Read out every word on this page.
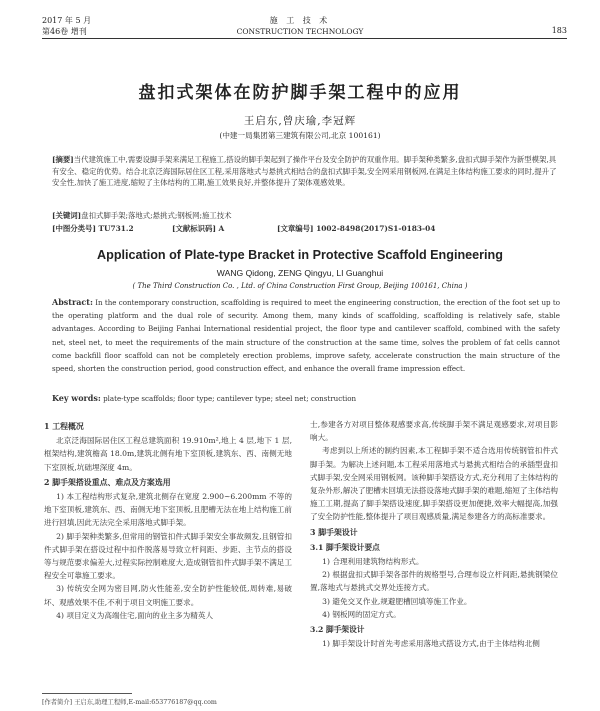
2017 年 5 月
第46卷 增刊
施 工 技 术
CONSTRUCTION TECHNOLOGY	183
盘扣式架体在防护脚手架工程中的应用
王启东,曾庆瑜,李冠辉
(中建一局集团第三建筑有限公司,北京 100161)
[摘要]当代建筑施工中,需要设脚手架来满足工程施工,搭设的脚手架起到了操作平台及安全防护的双重作用。脚手架种类繁多,盘扣式脚手架作为新型模架,具有安全、稳定的优势。结合北京泛海国际居住区工程,采用落地式与悬挑式相结合的盘扣式脚手架,安全网采用钢板网,在满足主体结构施工要求的同时,提升了安全性,加快了施工进度,缩短了主体结构的工期,施工效果良好,并整体提升了架体观感效果。
[关键词]盘扣式脚手架;落地式;悬挑式;钢板网;施工技术
[中图分类号] TU731.2	[文献标识码] A	[文章编号] 1002-8498(2017)S1-0183-04
Application of Plate-type Bracket in Protective Scaffold Engineering
WANG Qidong, ZENG Qingyu, LI Guanghui
( The Third Construction Co. , Ltd. of China Construction First Group, Beijing 100161, China )
Abstract: In the contemporary construction, scaffolding is required to meet the engineering construction, the erection of the foot set up to the operating platform and the dual role of security. Among them, many kinds of scaffolding, scaffolding is relatively safe, stable advantages. According to Beijing Fanhai International residential project, the floor type and cantilever scaffold, combined with the safety net, steel net, to meet the requirements of the main structure of the construction at the same time, solves the problem of fat cells cannot come backfill floor scaffold can not be completely erection problems, improve safety, accelerate construction the main structure of the speed, shorten the construction period, good construction effect, and enhance the overall frame impression effect.
Key words: plate-type scaffolds; floor type; cantilever type; steel net; construction
1 工程概况

北京泛海国际居住区工程总建筑面积 19.910m²,地上 4 层,地下 1 层,框架结构,建筑檐高 18.0m,建筑北侧有地下室顶板,建筑东、西、南侧无地下室顶板,坑础埋深度 4m。

2 脚手架搭设重点、难点及方案选用

1) 本工程结构形式复杂,建筑北侧存在宽度 2.900~6.200mm 不等的地下室顶板,建筑东、西、南侧无地下室顶板,且肥槽无法在地上结构施工前进行回填,因此无法完全采用落地式脚手架。

2) 脚手架种类繁多,但常用的钢管扣件式脚手架安全事故频发,且钢管扣件式脚手架在搭设过程中扣件脱落易导致立杆间距、步距、主节点的搭设等与规范要求偏差大,过程实际控制难度大,造成钢管扣件式脚手架不满足工程安全可靠施工要求。

3) 传统安全网为密目网,防火性能差,安全防护性能较低,周转难,易破坏、观感效果不佳,不利于项目文明施工要求。

4) 项目定义为高端住宅,面向的业主多为精英人

士,参建各方对项目整体观感要求高,传统脚手架不满足观感要求,对项目影响大。

考虑到以上所述的制约因素,本工程脚手架不适合选用传统钢管扣件式脚手架。为解决上述问题,本工程采用落地式与悬挑式相结合的承插型盘扣式脚手架,安全网采用钢板网。该种脚手架搭设方式,充分利用了主体结构的复杂外形,解决了肥槽未回填无法搭设落地式脚手架的难题,缩短了主体结构施工工期,提高了脚手架搭设速度,脚手架搭设更加便捷,效率大幅提高,加强了安全防护性能,整体提升了项目观感质量,满足参建各方的高标准要求。

3 脚手架设计
3.1 脚手架设计要点

1) 合理利用建筑物结构形式。

2) 根据盘扣式脚手架各部件的规格型号,合理布设立杆间距,悬挑钢梁位置,落地式与悬挑式交界处连接方式。

3) 避免交叉作业,规避肥槽回填等施工作业。

4) 钢板网的固定方式。

3.2 脚手架设计

1) 脚手架设计时首先考虑采用落地式搭设方式,由于主体结构北侧

[作者简介] 王启东,助理工程师,E-mail:653776187@qq.com
